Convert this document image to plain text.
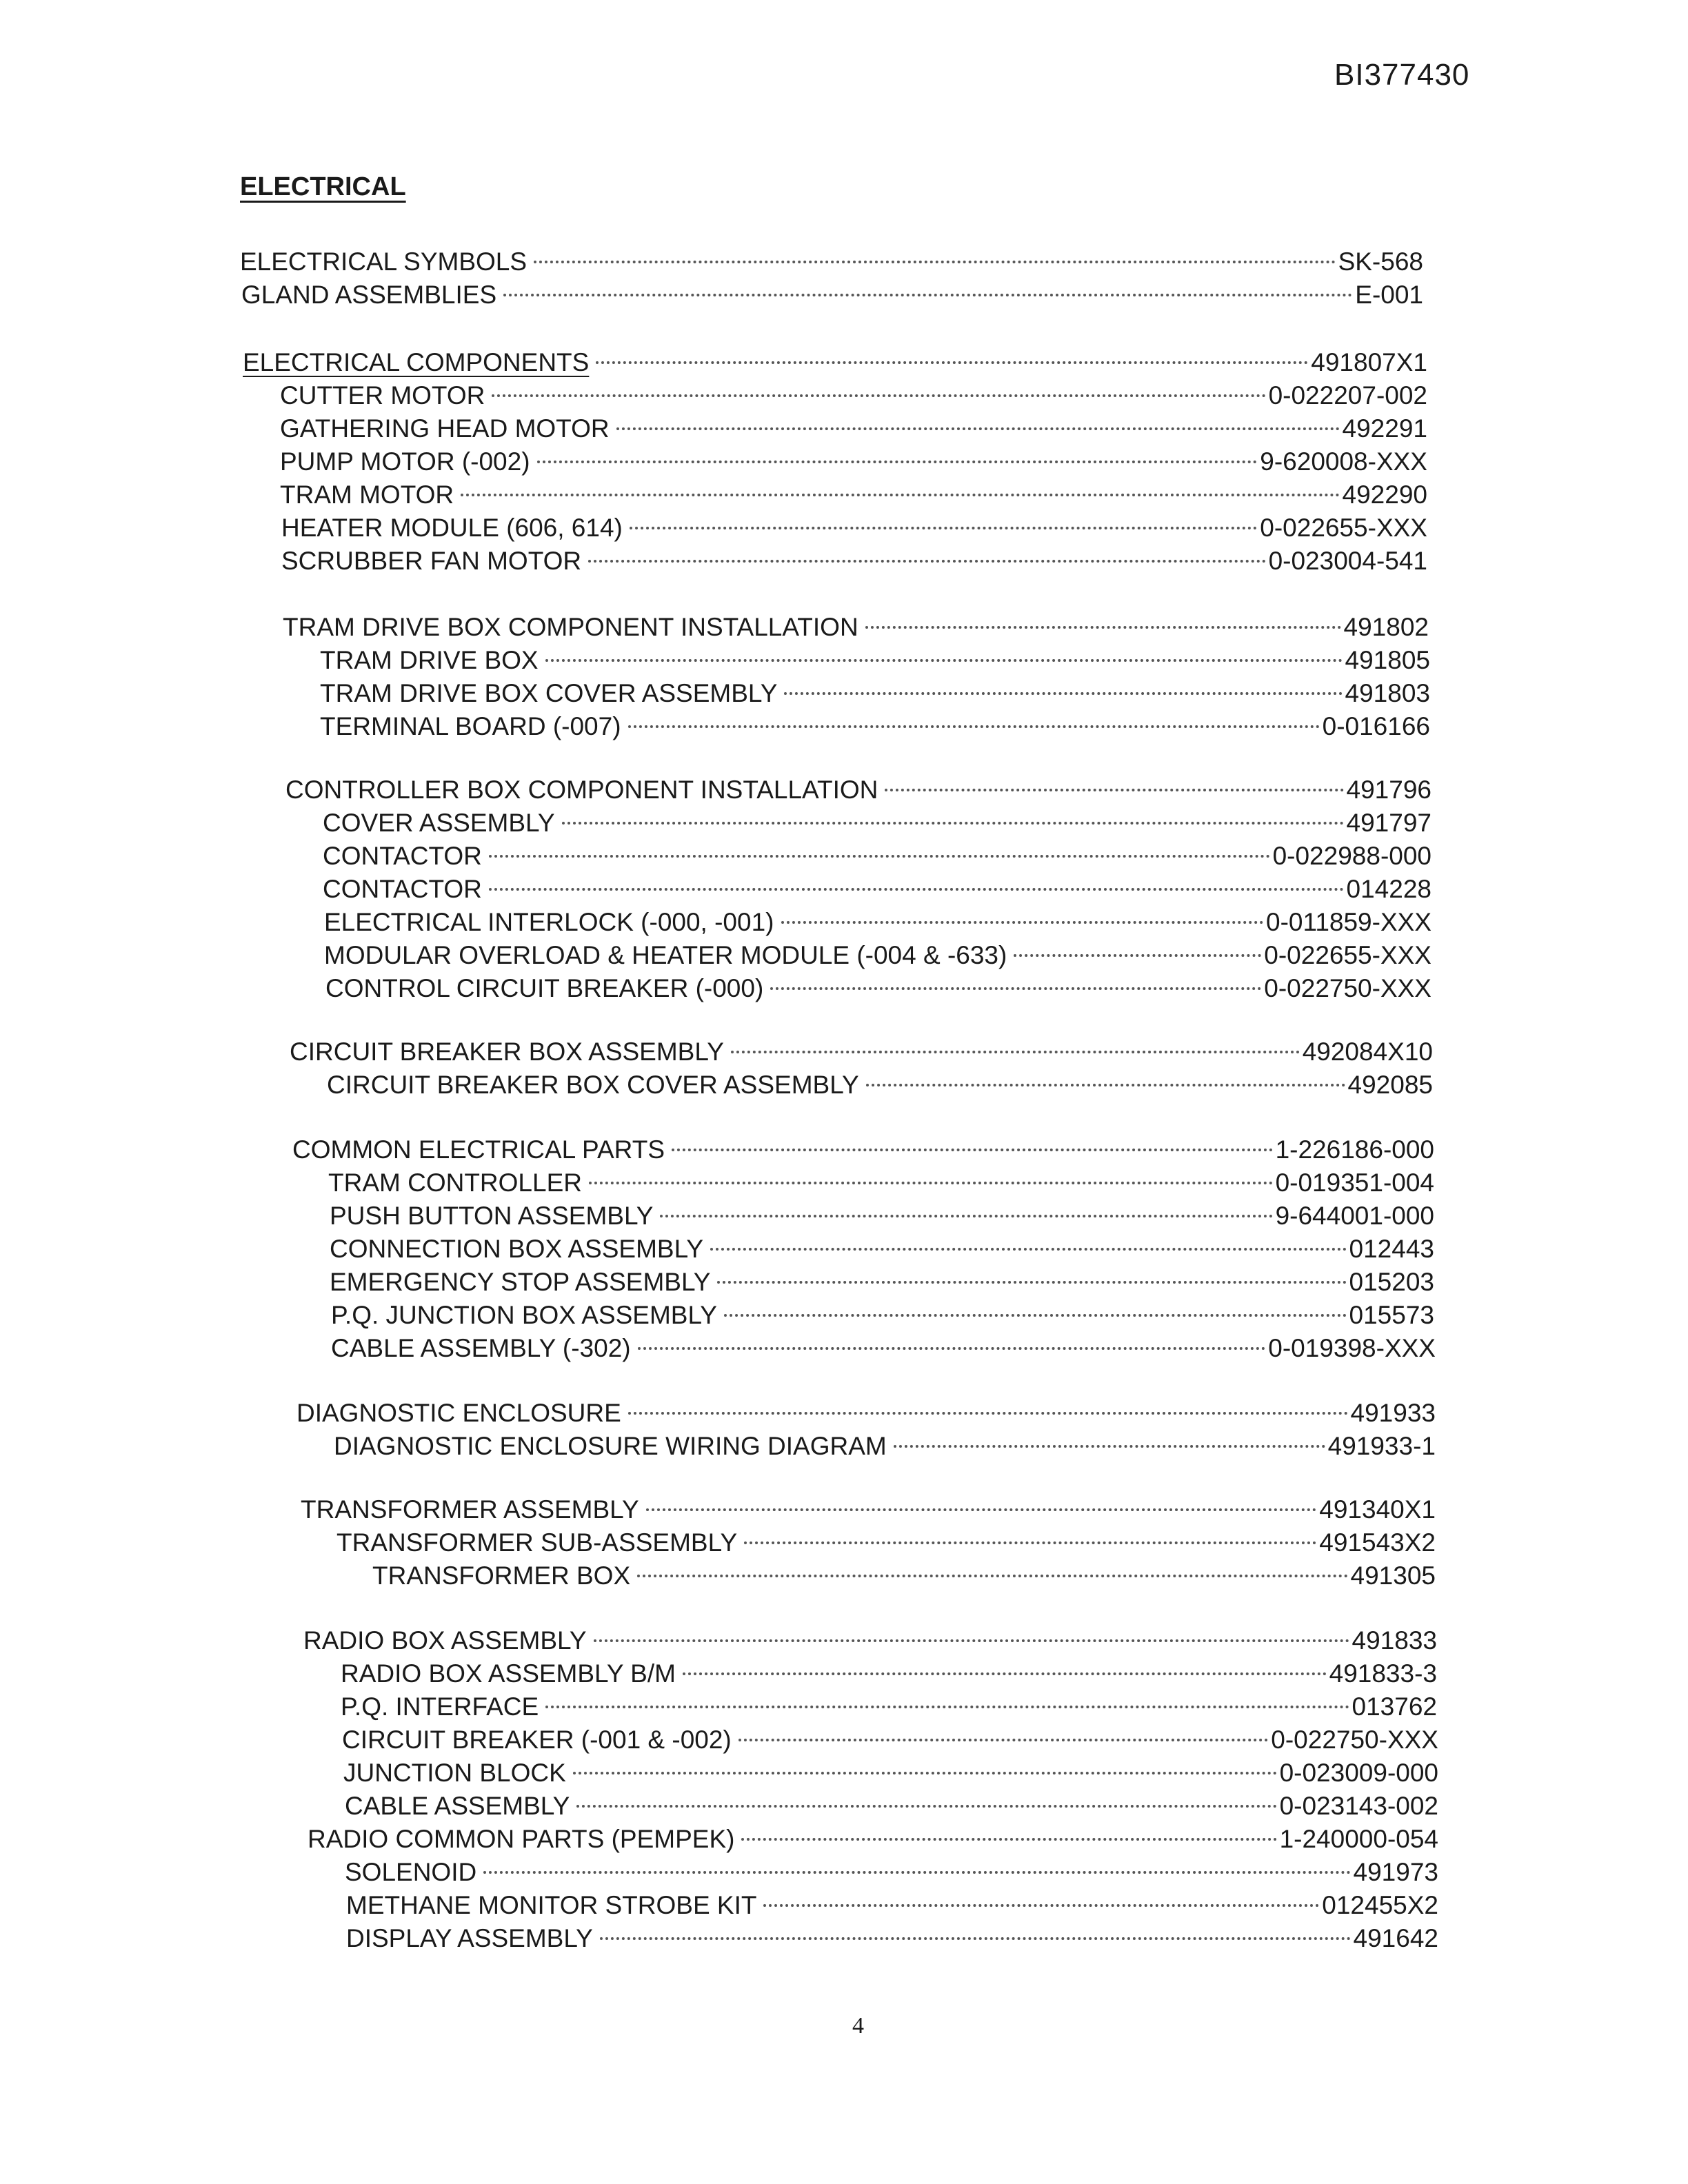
BI377430
ELECTRICAL
ELECTRICAL SYMBOLS	SK-568
GLAND ASSEMBLIES	E-001
ELECTRICAL COMPONENTS	491807X1
CUTTER MOTOR	0-022207-002
GATHERING HEAD MOTOR	492291
PUMP MOTOR (-002)	9-620008-XXX
TRAM MOTOR	492290
HEATER MODULE (606, 614)	0-022655-XXX
SCRUBBER FAN MOTOR	0-023004-541
TRAM DRIVE BOX COMPONENT INSTALLATION	491802
TRAM DRIVE BOX	491805
TRAM DRIVE BOX COVER ASSEMBLY	491803
TERMINAL BOARD (-007)	0-016166
CONTROLLER BOX COMPONENT INSTALLATION	491796
COVER ASSEMBLY	491797
CONTACTOR	0-022988-000
CONTACTOR	014228
ELECTRICAL INTERLOCK (-000, -001)	0-011859-XXX
MODULAR OVERLOAD & HEATER MODULE (-004 & -633)	0-022655-XXX
CONTROL CIRCUIT BREAKER (-000)	0-022750-XXX
CIRCUIT BREAKER BOX ASSEMBLY	492084X10
CIRCUIT BREAKER BOX COVER ASSEMBLY	492085
COMMON ELECTRICAL PARTS	1-226186-000
TRAM CONTROLLER	0-019351-004
PUSH BUTTON ASSEMBLY	9-644001-000
CONNECTION BOX ASSEMBLY	012443
EMERGENCY STOP ASSEMBLY	015203
P.Q. JUNCTION BOX ASSEMBLY	015573
CABLE ASSEMBLY (-302)	0-019398-XXX
DIAGNOSTIC ENCLOSURE	491933
DIAGNOSTIC ENCLOSURE WIRING DIAGRAM	491933-1
TRANSFORMER ASSEMBLY	491340X1
TRANSFORMER SUB-ASSEMBLY	491543X2
TRANSFORMER BOX	491305
RADIO BOX ASSEMBLY	491833
RADIO BOX ASSEMBLY B/M	491833-3
P.Q. INTERFACE	013762
CIRCUIT BREAKER (-001 & -002)	0-022750-XXX
JUNCTION BLOCK	0-023009-000
CABLE ASSEMBLY	0-023143-002
RADIO COMMON PARTS (PEMPEK)	1-240000-054
SOLENOID	491973
METHANE MONITOR STROBE KIT	012455X2
DISPLAY ASSEMBLY	491642
4
